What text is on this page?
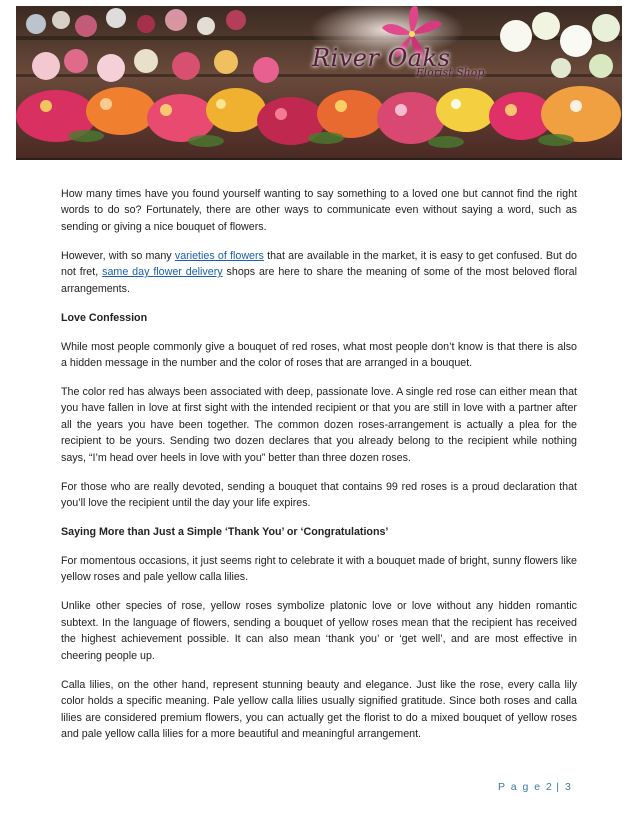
River Oaks
Florist Shop

How many times have you found yourself wanting to say something to a loved one but cannot find the right words to do so? Fortunately, there are other ways to communicate even without saying a word, such as sending or giving a nice bouquet of flowers.

However, with so many varieties of flowers that are available in the market, it is easy to get confused. But do not fret, same day flower delivery shops are here to share the meaning of some of the most beloved floral arrangements.

Love Confession

While most people commonly give a bouquet of red roses, what most people don’t know is that there is also a hidden message in the number and the color of roses that are arranged in a bouquet.

The color red has always been associated with deep, passionate love. A single red rose can either mean that you have fallen in love at first sight with the intended recipient or that you are still in love with a partner after all the years you have been together. The common dozen roses-arrangement is actually a plea for the recipient to be yours. Sending two dozen declares that you already belong to the recipient while nothing says, “I’m head over heels in love with you” better than three dozen roses.

For those who are really devoted, sending a bouquet that contains 99 red roses is a proud declaration that you’ll love the recipient until the day your life expires.

Saying More than Just a Simple ‘Thank You’ or ‘Congratulations’

For momentous occasions, it just seems right to celebrate it with a bouquet made of bright, sunny flowers like yellow roses and pale yellow calla lilies.

Unlike other species of rose, yellow roses symbolize platonic love or love without any hidden romantic subtext. In the language of flowers, sending a bouquet of yellow roses mean that the recipient has received the highest achievement possible. It can also mean ‘thank you’ or ‘get well’, and are most effective in cheering people up.

Calla lilies, on the other hand, represent stunning beauty and elegance. Just like the rose, every calla lily color holds a specific meaning. Pale yellow calla lilies usually signified gratitude. Since both roses and calla lilies are considered premium flowers, you can actually get the florist to do a mixed bouquet of yellow roses and pale yellow calla lilies for a more beautiful and meaningful arrangement.

P a g e 2 | 3
